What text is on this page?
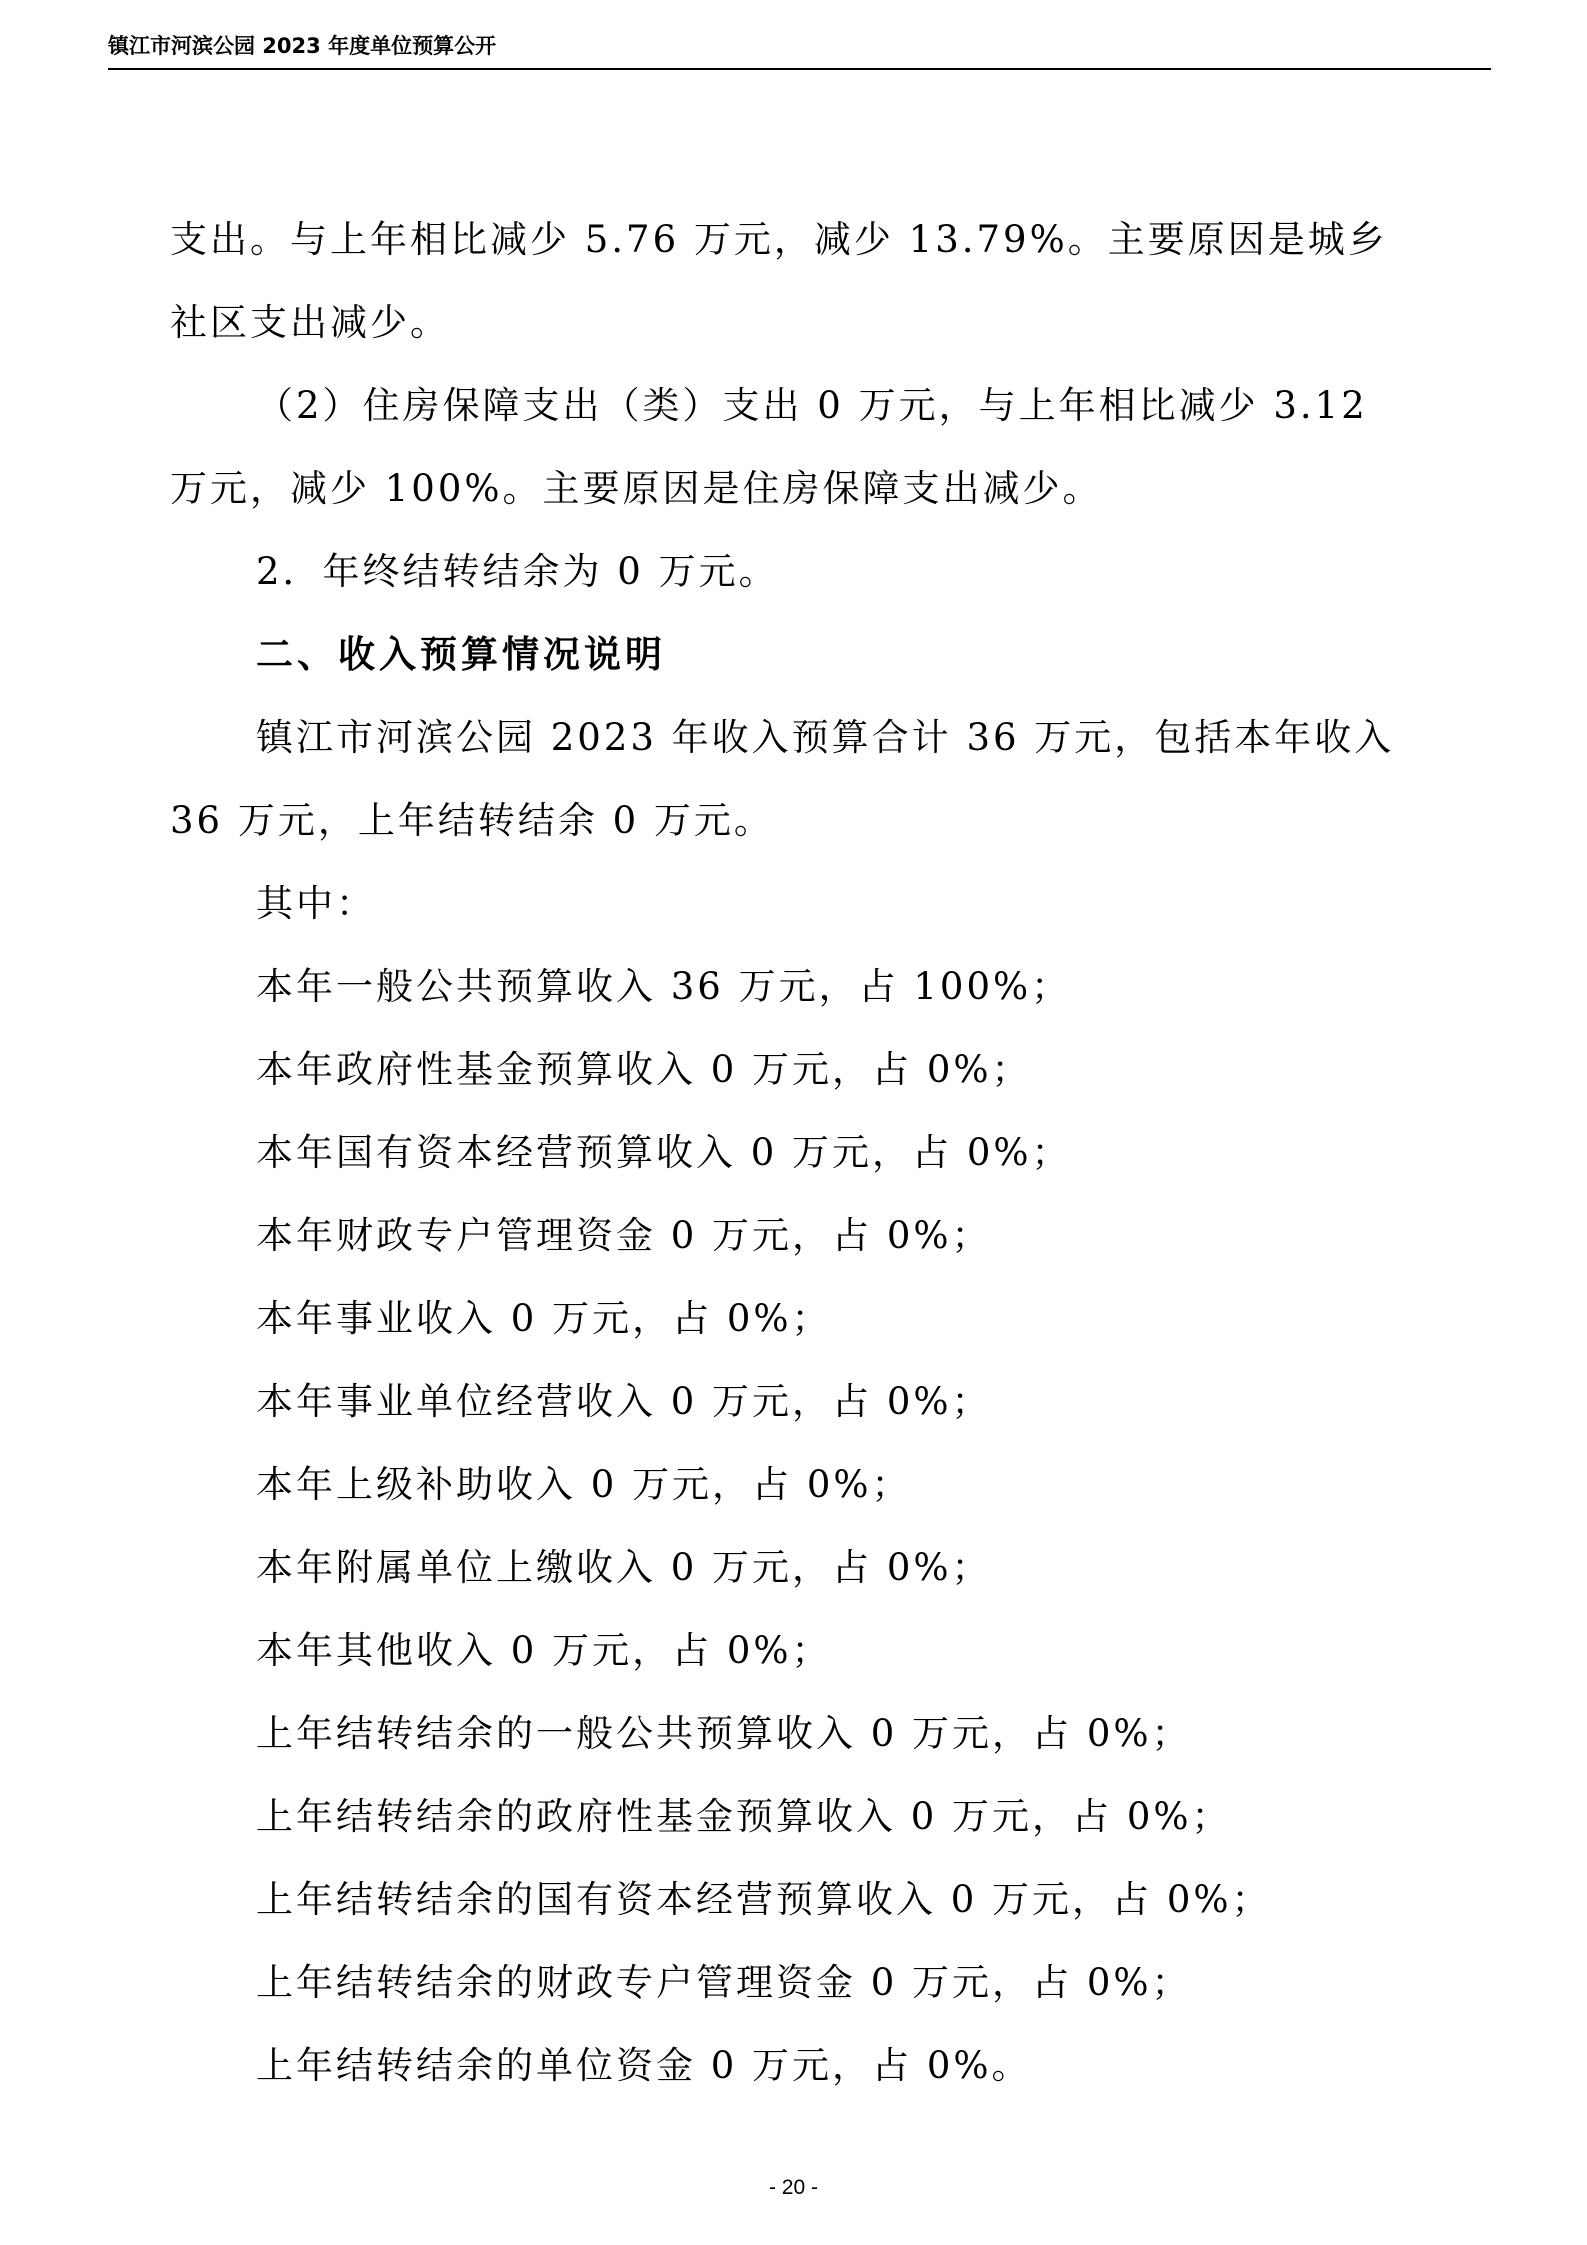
镇江市河滨公园 2023 年度单位预算公开

支出。与上年相比减少 5.76 万元，减少 13.79%。主要原因是城乡

社区支出减少。

（2）住房保障支出（类）支出 0 万元，与上年相比减少 3.12

万元，减少 100%。主要原因是住房保障支出减少。

2．年终结转结余为 0 万元。

二、收入预算情况说明

镇江市河滨公园 2023 年收入预算合计 36 万元，包括本年收入

36 万元，上年结转结余 0 万元。

其中：

本年一般公共预算收入 36 万元，占 100%；

本年政府性基金预算收入 0 万元，占 0%；

本年国有资本经营预算收入 0 万元，占 0%；

本年财政专户管理资金 0 万元，占 0%；

本年事业收入 0 万元，占 0%；

本年事业单位经营收入 0 万元，占 0%；

本年上级补助收入 0 万元，占 0%；

本年附属单位上缴收入 0 万元，占 0%；

本年其他收入 0 万元，占 0%；

上年结转结余的一般公共预算收入 0 万元，占 0%；

上年结转结余的政府性基金预算收入 0 万元，占 0%；

上年结转结余的国有资本经营预算收入 0 万元，占 0%；

上年结转结余的财政专户管理资金 0 万元，占 0%；

上年结转结余的单位资金 0 万元，占 0%。

- 20 -
